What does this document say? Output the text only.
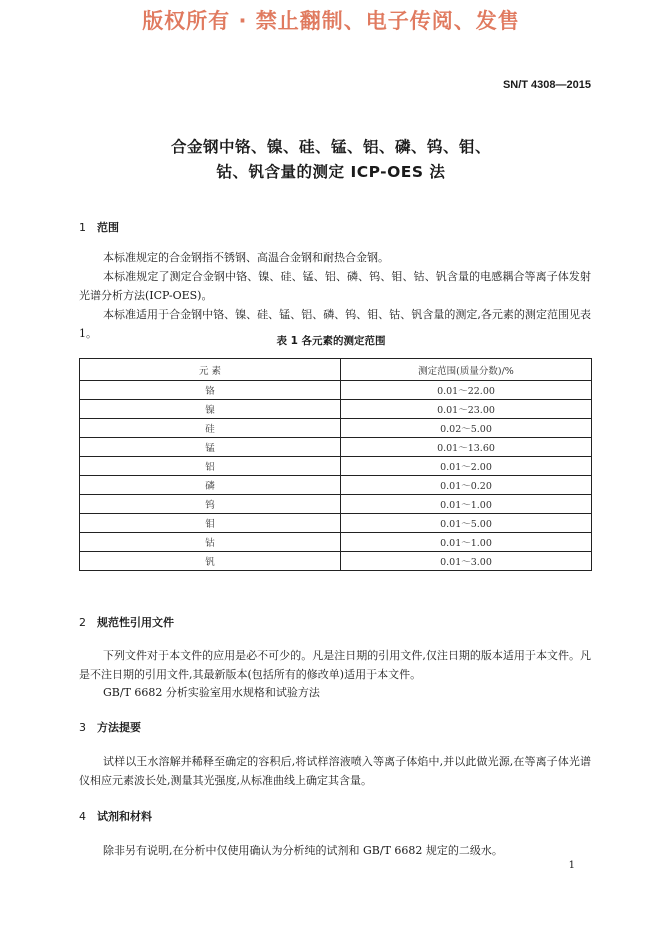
版权所有 · 禁止翻制、电子传阅、发售
SN/T 4308—2015
合金钢中铬、镍、硅、锰、铝、磷、钨、钼、
钴、钒含量的测定 ICP-OES 法
1 范围
本标准规定的合金钢指不锈钢、高温合金钢和耐热合金钢。
本标准规定了测定合金钢中铬、镍、硅、锰、铝、磷、钨、钼、钴、钒含量的电感耦合等离子体发射光谱分析方法(ICP-OES)。
本标准适用于合金钢中铬、镍、硅、锰、铝、磷、钨、钼、钴、钒含量的测定,各元素的测定范围见表 1。
表 1 各元素的测定范围
元 素	测定范围(质量分数)/%
铬	0.01～22.00
镍	0.01～23.00
硅	0.02～5.00
锰	0.01～13.60
铝	0.01～2.00
磷	0.01～0.20
钨	0.01～1.00
钼	0.01～5.00
钴	0.01～1.00
钒	0.01～3.00
2 规范性引用文件
下列文件对于本文件的应用是必不可少的。凡是注日期的引用文件,仅注日期的版本适用于本文件。凡是不注日期的引用文件,其最新版本(包括所有的修改单)适用于本文件。
GB/T 6682 分析实验室用水规格和试验方法
3 方法提要
试样以王水溶解并稀释至确定的容积后,将试样溶液喷入等离子体焰中,并以此做光源,在等离子体光谱仪相应元素波长处,测量其光强度,从标准曲线上确定其含量。
4 试剂和材料
除非另有说明,在分析中仅使用确认为分析纯的试剂和 GB/T 6682 规定的二级水。
1
